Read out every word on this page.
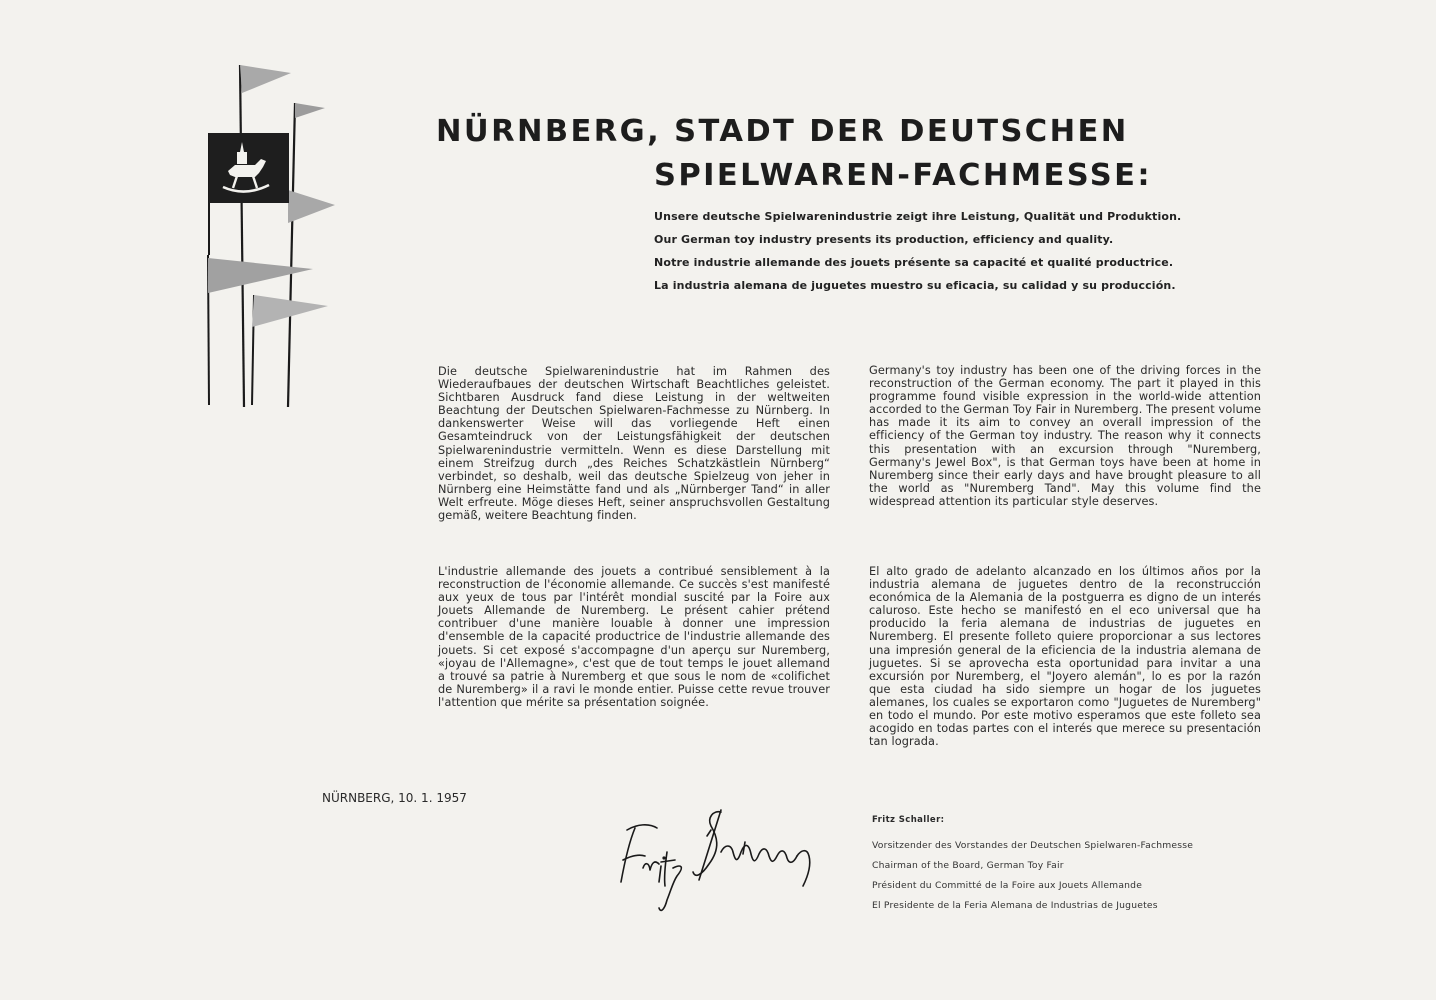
NÜRNBERG, STADT DER DEUTSCHEN
SPIELWAREN-FACHMESSE:
Unsere deutsche Spielwarenindustrie zeigt ihre Leistung, Qualität und Produktion.
Our German toy industry presents its production, efficiency and quality.
Notre industrie allemande des jouets présente sa capacité et qualité productrice.
La industria alemana de juguetes muestro su eficacia, su calidad y su producción.
Die deutsche Spielwarenindustrie hat im Rahmen des Wiederaufbaues der deutschen Wirtschaft Beachtliches geleistet. Sichtbaren Ausdruck fand diese Leistung in der weltweiten Beachtung der Deutschen Spielwaren-Fachmesse zu Nürnberg. In dankenswerter Weise will das vorliegende Heft einen Gesamteindruck von der Leistungsfähigkeit der deutschen Spielwarenindustrie vermitteln. Wenn es diese Darstellung mit einem Streifzug durch „des Reiches Schatzkästlein Nürnberg“ verbindet, so deshalb, weil das deutsche Spielzeug von jeher in Nürnberg eine Heimstätte fand und als „Nürnberger Tand“ in aller Welt erfreute. Möge dieses Heft, seiner anspruchsvollen Gestaltung gemäß, weitere Beachtung finden.
Germany's toy industry has been one of the driving forces in the reconstruction of the German economy. The part it played in this programme found visible expression in the world-wide attention accorded to the German Toy Fair in Nuremberg. The present volume has made it its aim to convey an overall impression of the efficiency of the German toy industry. The reason why it connects this presentation with an excursion through "Nuremberg, Germany's Jewel Box", is that German toys have been at home in Nuremberg since their early days and have brought pleasure to all the world as "Nuremberg Tand". May this volume find the widespread attention its particular style deserves.
L'industrie allemande des jouets a contribué sensiblement à la reconstruction de l'économie allemande. Ce succès s'est manifesté aux yeux de tous par l'intérêt mondial suscité par la Foire aux Jouets Allemande de Nuremberg. Le présent cahier prétend contribuer d'une manière louable à donner une impression d'ensemble de la capacité productrice de l'industrie allemande des jouets. Si cet exposé s'accompagne d'un aperçu sur Nuremberg, «joyau de l'Allemagne», c'est que de tout temps le jouet allemand a trouvé sa patrie à Nuremberg et que sous le nom de «colifichet de Nuremberg» il a ravi le monde entier. Puisse cette revue trouver l'attention que mérite sa présentation soignée.
El alto grado de adelanto alcanzado en los últimos años por la industria alemana de juguetes dentro de la reconstrucción económica de la Alemania de la postguerra es digno de un interés caluroso. Este hecho se manifestó en el eco universal que ha producido la feria alemana de industrias de juguetes en Nuremberg. El presente folleto quiere proporcionar a sus lectores una impresión general de la eficiencia de la industria alemana de juguetes. Si se aprovecha esta oportunidad para invitar a una excursión por Nuremberg, el "Joyero alemán", lo es por la razón que esta ciudad ha sido siempre un hogar de los juguetes alemanes, los cuales se exportaron como "Juguetes de Nuremberg" en todo el mundo. Por este motivo esperamos que este folleto sea acogido en todas partes con el interés que merece su presentación tan lograda.
NÜRNBERG, 10. 1. 1957
Fritz Schaller:
Vorsitzender des Vorstandes der Deutschen Spielwaren-Fachmesse
Chairman of the Board, German Toy Fair
Président du Committé de la Foire aux Jouets Allemande
El Presidente de la Feria Alemana de Industrias de Juguetes
